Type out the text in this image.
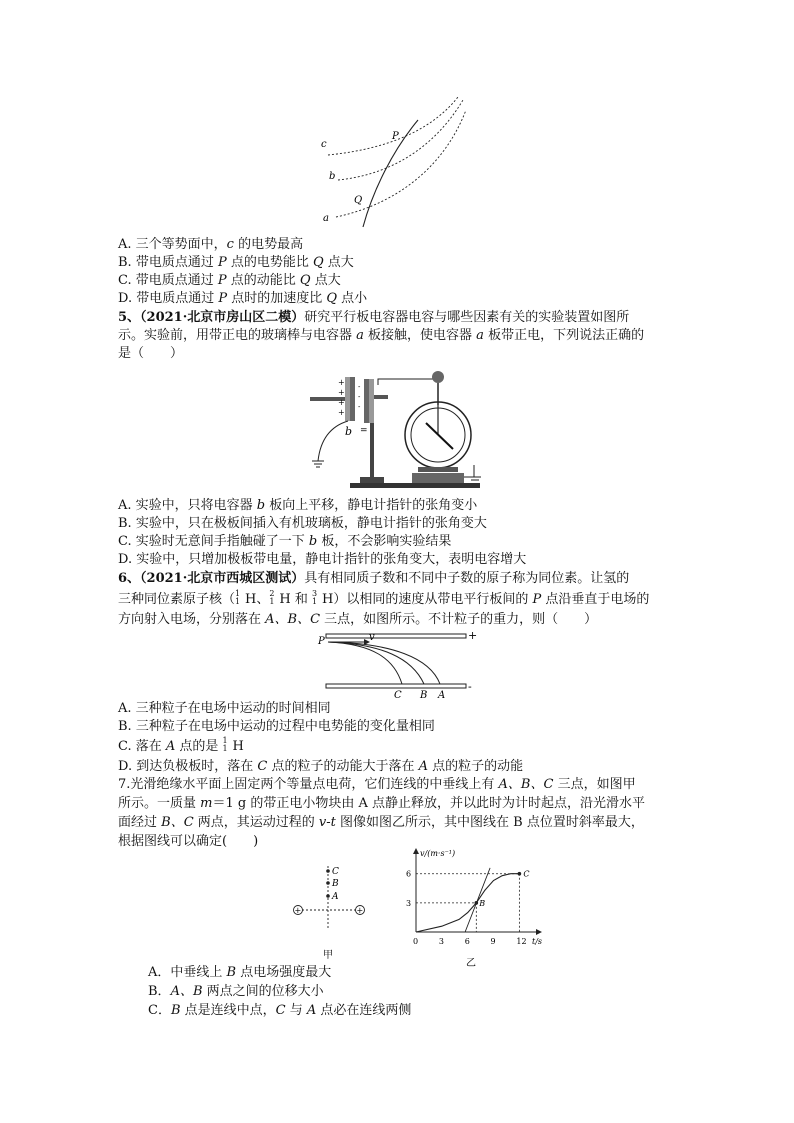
c
b
a
P
Q
A. 三个等势面中，c 的电势最高
B. 带电质点通过 P 点的电势能比 Q 点大
C. 带电质点通过 P 点的动能比 Q 点大
D. 带电质点通过 P 点时的加速度比 Q 点小
5、（2021·北京市房山区二模）研究平行板电容器电容与哪些因素有关的实验装置如图所
示。实验前，用带正电的玻璃棒与电容器 a 板接触，使电容器 a 板带正电，下列说法正确的
是（　　）
+
+
+
+
-
-
-
b =
A. 实验中，只将电容器 b 板向上平移，静电计指针的张角变小
B. 实验中，只在极板间插入有机玻璃板，静电计指针的张角变大
C. 实验时无意间手指触碰了一下 b 板，不会影响实验结果
D. 实验中，只增加极板带电量，静电计指针的张角变大，表明电容增大
6、（2021·北京市西城区测试）具有相同质子数和不同中子数的原子称为同位素。让氢的
三种同位素原子核（ 1
1 H、 2
1 H 和 3
1 H）以相同的速度从带电平行板间的 P 点沿垂直于电场的
方向射入电场，分别落在 A、B、C 三点，如图所示。不计粒子的重力，则（　　）
+
-
P	v
C B A
A. 三种粒子在电场中运动的时间相同
B. 三种粒子在电场中运动的过程中电势能的变化量相同
C. 落在 A 点的是 1
1 H
D. 到达负极板时，落在 C 点的粒子的动能大于落在 A 点的粒子的动能
7.光滑绝缘水平面上固定两个等量点电荷，它们连线的中垂线上有 A、B、C 三点，如图甲
所示。一质量 m＝1 g 的带正电小物块由 A 点静止释放，并以此时为计时起点，沿光滑水平
面经过 B、C 两点，其运动过程的 v-t 图像如图乙所示，其中图线在 B 点位置时斜率最大，
根据图线可以确定(　　)
+	+
C
B
A
甲
v/(m·s⁻¹)
t/s
0	3	6	9	12
3
6
B
C
乙
A．中垂线上 B 点电场强度最大
B．A、B 两点之间的位移大小
C．B 点是连线中点，C 与 A 点必在连线两侧
